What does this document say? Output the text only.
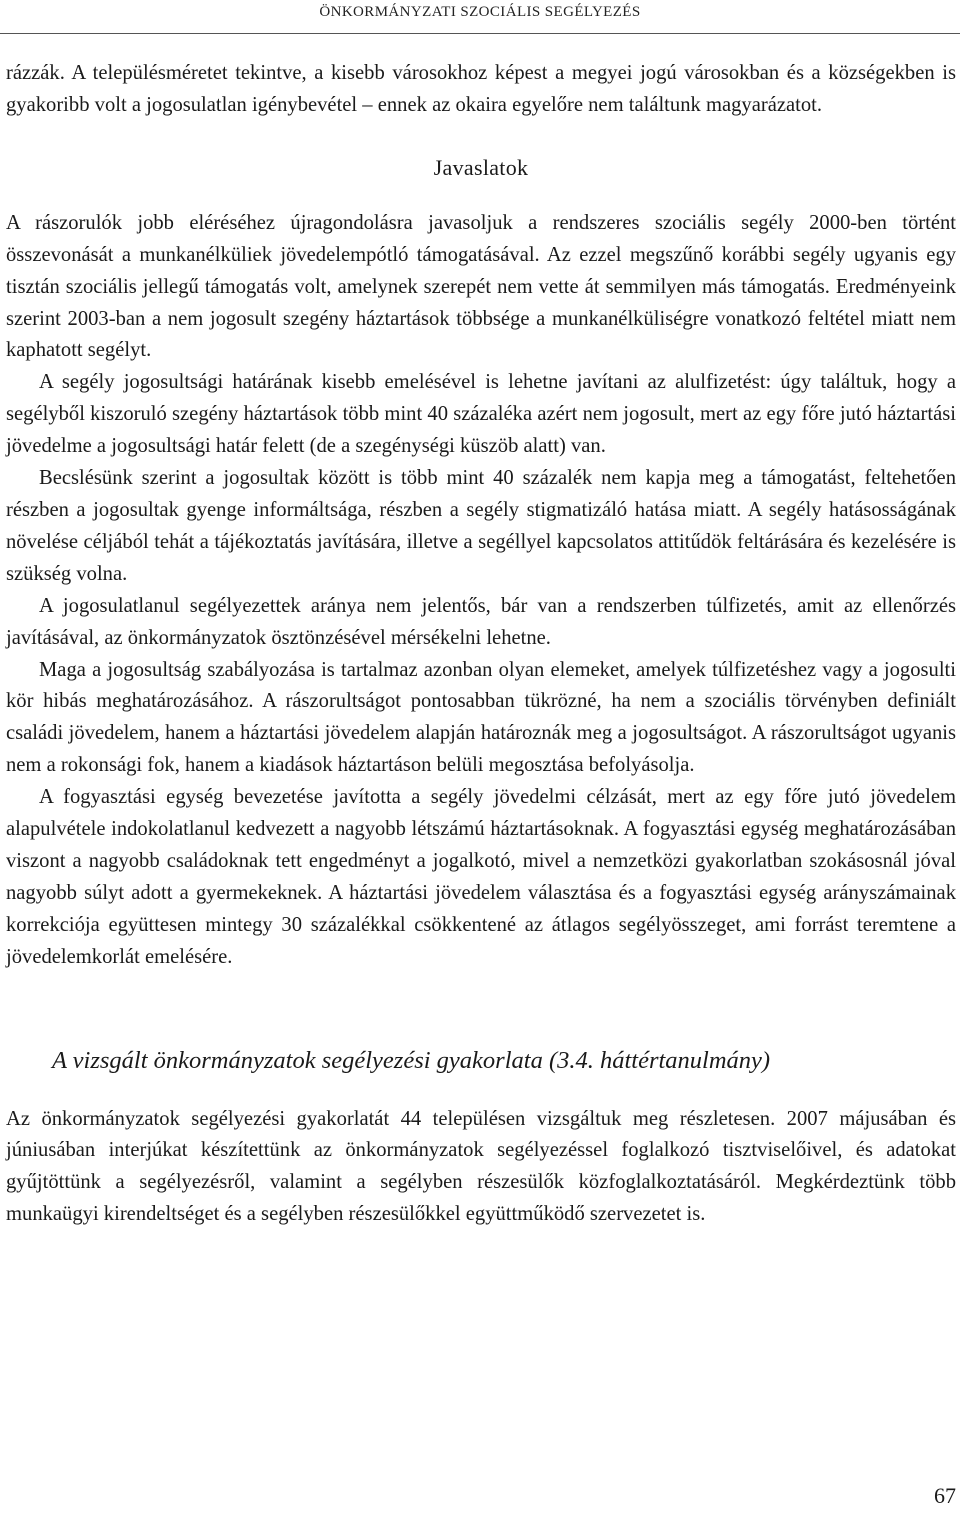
ÖNKORMÁNYZATI SZOCIÁLIS SEGÉLYEZÉS

rázzák. A településméretet tekintve, a kisebb városokhoz képest a megyei jogú városokban és a községekben is gyakoribb volt a jogosulatlan igénybevétel – ennek az okaira egyelőre nem találtunk magyarázatot.

Javaslatok

A rászorulók jobb eléréséhez újragondolásra javasoljuk a rendszeres szociális segély 2000-ben történt összevonását a munkanélküliek jövedelempótló támogatásával. Az ezzel megszűnő korábbi segély ugyanis egy tisztán szociális jellegű támogatás volt, amelynek szerepét nem vette át semmilyen más támogatás. Eredményeink szerint 2003-ban a nem jogosult szegény háztartások többsége a munkanélküliségre vonatkozó feltétel miatt nem kaphatott segélyt.

A segély jogosultsági határának kisebb emelésével is lehetne javítani az alulfizetést: úgy találtuk, hogy a segélyből kiszoruló szegény háztartások több mint 40 százaléka azért nem jogosult, mert az egy főre jutó háztartási jövedelme a jogosultsági határ felett (de a szegénységi küszöb alatt) van.

Becslésünk szerint a jogosultak között is több mint 40 százalék nem kapja meg a támogatást, feltehetően részben a jogosultak gyenge informáltsága, részben a segély stigmatizáló hatása miatt. A segély hatásosságának növelése céljából tehát a tájékoztatás javítására, illetve a segéllyel kapcsolatos attitűdök feltárására és kezelésére is szükség volna.

A jogosulatlanul segélyezettek aránya nem jelentős, bár van a rendszerben túlfizetés, amit az ellenőrzés javításával, az önkormányzatok ösztönzésével mérsékelni lehetne.

Maga a jogosultság szabályozása is tartalmaz azonban olyan elemeket, amelyek túlfizetéshez vagy a jogosulti kör hibás meghatározásához. A rászorultságot pontosabban tükrözné, ha nem a szociális törvényben definiált családi jövedelem, hanem a háztartási jövedelem alapján határoznák meg a jogosultságot. A rászorultságot ugyanis nem a rokonsági fok, hanem a kiadások háztartáson belüli megosztása befolyásolja.

A fogyasztási egység bevezetése javította a segély jövedelmi célzását, mert az egy főre jutó jövedelem alapulvétele indokolatlanul kedvezett a nagyobb létszámú háztartásoknak. A fogyasztási egység meghatározásában viszont a nagyobb családoknak tett engedményt a jogalkotó, mivel a nemzetközi gyakorlatban szokásosnál jóval nagyobb súlyt adott a gyermekeknek. A háztartási jövedelem választása és a fogyasztási egység arányszámainak korrekciója együttesen mintegy 30 százalékkal csökkentené az átlagos segélyösszeget, ami forrást teremtene a jövedelemkorlát emelésére.

A vizsgált önkormányzatok segélyezési gyakorlata (3.4. háttértanulmány)

Az önkormányzatok segélyezési gyakorlatát 44 településen vizsgáltuk meg részletesen. 2007 májusában és júniusában interjúkat készítettünk az önkormányzatok segélyezéssel foglalkozó tisztviselőivel, és adatokat gyűjtöttünk a segélyezésről, valamint a segélyben részesülők közfoglalkoztatásáról. Megkérdeztünk több munkaügyi kirendeltséget és a segélyben részesülőkkel együttműködő szervezetet is.

67
